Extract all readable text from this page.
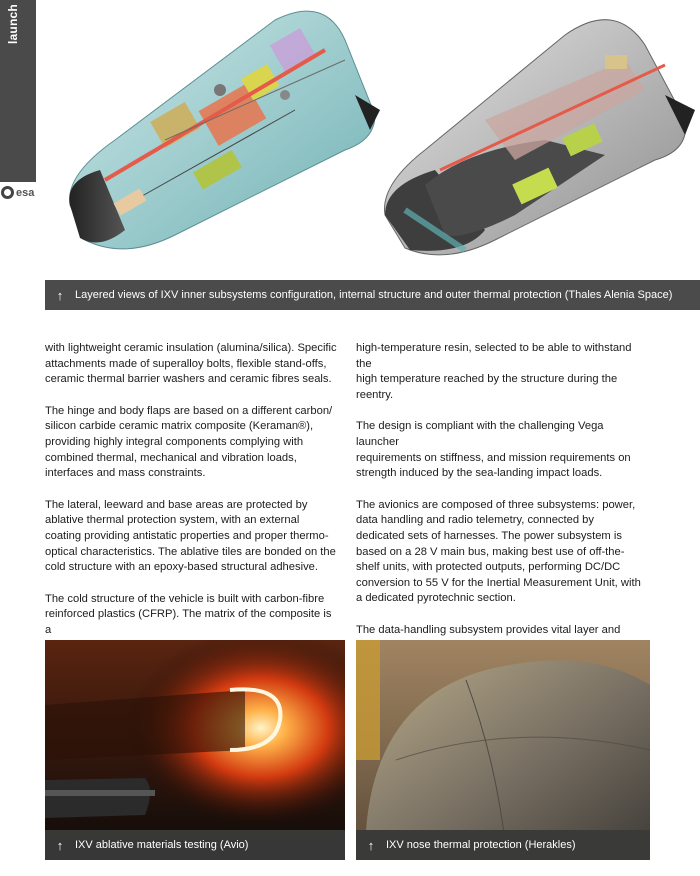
launch
esa
↑	Layered views of IXV inner subsystems configuration, internal structure and outer thermal protection (Thales Alenia Space)

with lightweight ceramic insulation (alumina/silica). Specific
attachments made of superalloy bolts, flexible stand-offs,
ceramic thermal barrier washers and ceramic fibres seals.

The hinge and body flaps are based on a different carbon/
silicon carbide ceramic matrix composite (Keraman®),
providing highly integral components complying with
combined thermal, mechanical and vibration loads,
interfaces and mass constraints.

The lateral, leeward and base areas are protected by
ablative thermal protection system, with an external
coating providing antistatic properties and proper thermo-
optical characteristics. The ablative tiles are bonded on the
cold structure with an epoxy-based structural adhesive.

The cold structure of the vehicle is built with carbon-fibre
reinforced plastics (CFRP). The matrix of the composite is a

high-temperature resin, selected to be able to withstand the
high temperature reached by the structure during the reentry.

The design is compliant with the challenging Vega launcher
requirements on stiffness, and mission requirements on
strength induced by the sea-landing impact loads.

The avionics are composed of three subsystems: power,
data handling and radio telemetry, connected by
dedicated sets of harnesses. The power subsystem is
based on a 28 V main bus, making best use of off-the-
shelf units, with protected outputs, performing DC/DC
conversion to 55 V for the Inertial Measurement Unit, with
a dedicated pyrotechnic section.

The data-handling subsystem provides vital layer and

↑	IXV ablative materials testing (Avio)	↑	IXV nose thermal protection (Herakles)
